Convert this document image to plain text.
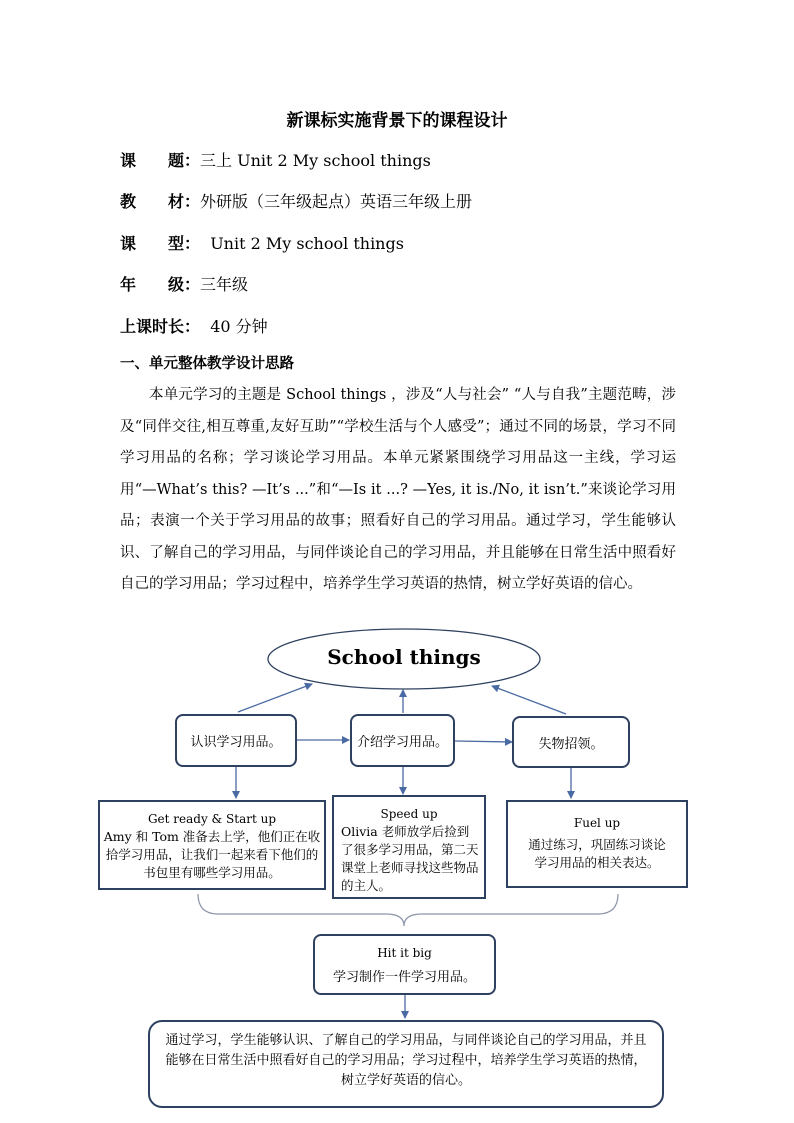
新课标实施背景下的课程设计
课　　题：三上 Unit 2 My school things
教　　材：外研版（三年级起点）英语三年级上册
课　　型：  Unit 2 My school things
年　　级：三年级
上课时长：  40 分钟
一、单元整体教学设计思路
本单元学习的主题是 School things ，涉及“人与社会” “人与自我”主题范畴，涉及“同伴交往,相互尊重,友好互助”“学校生活与个人感受”；通过不同的场景，学习不同学习用品的名称；学习谈论学习用品。本单元紧紧围绕学习用品这一主线，学习运用“—What’s this? —It’s ...”和“—Is it ...? —Yes, it is./No, it isn’t.”来谈论学习用品；表演一个关于学习用品的故事；照看好自己的学习用品。通过学习，学生能够认识、了解自己的学习用品，与同伴谈论自己的学习用品，并且能够在日常生活中照看好自己的学习用品；学习过程中，培养学生学习英语的热情，树立学好英语的信心。
School things
认识学习用品。	介绍学习用品。	失物招领。
Get ready & Start up
Amy 和 Tom 准备去上学，他们正在收拾学习用品，让我们一起来看下他们的书包里有哪些学习用品。
Speed up
Olivia 老师放学后捡到了很多学习用品，第二天课堂上老师寻找这些物品的主人。
Fuel up
通过练习，巩固练习谈论学习用品的相关表达。
Hit it big
学习制作一件学习用品。
通过学习，学生能够认识、了解自己的学习用品，与同伴谈论自己的学习用品，并且能够在日常生活中照看好自己的学习用品；学习过程中，培养学生学习英语的热情，树立学好英语的信心。
